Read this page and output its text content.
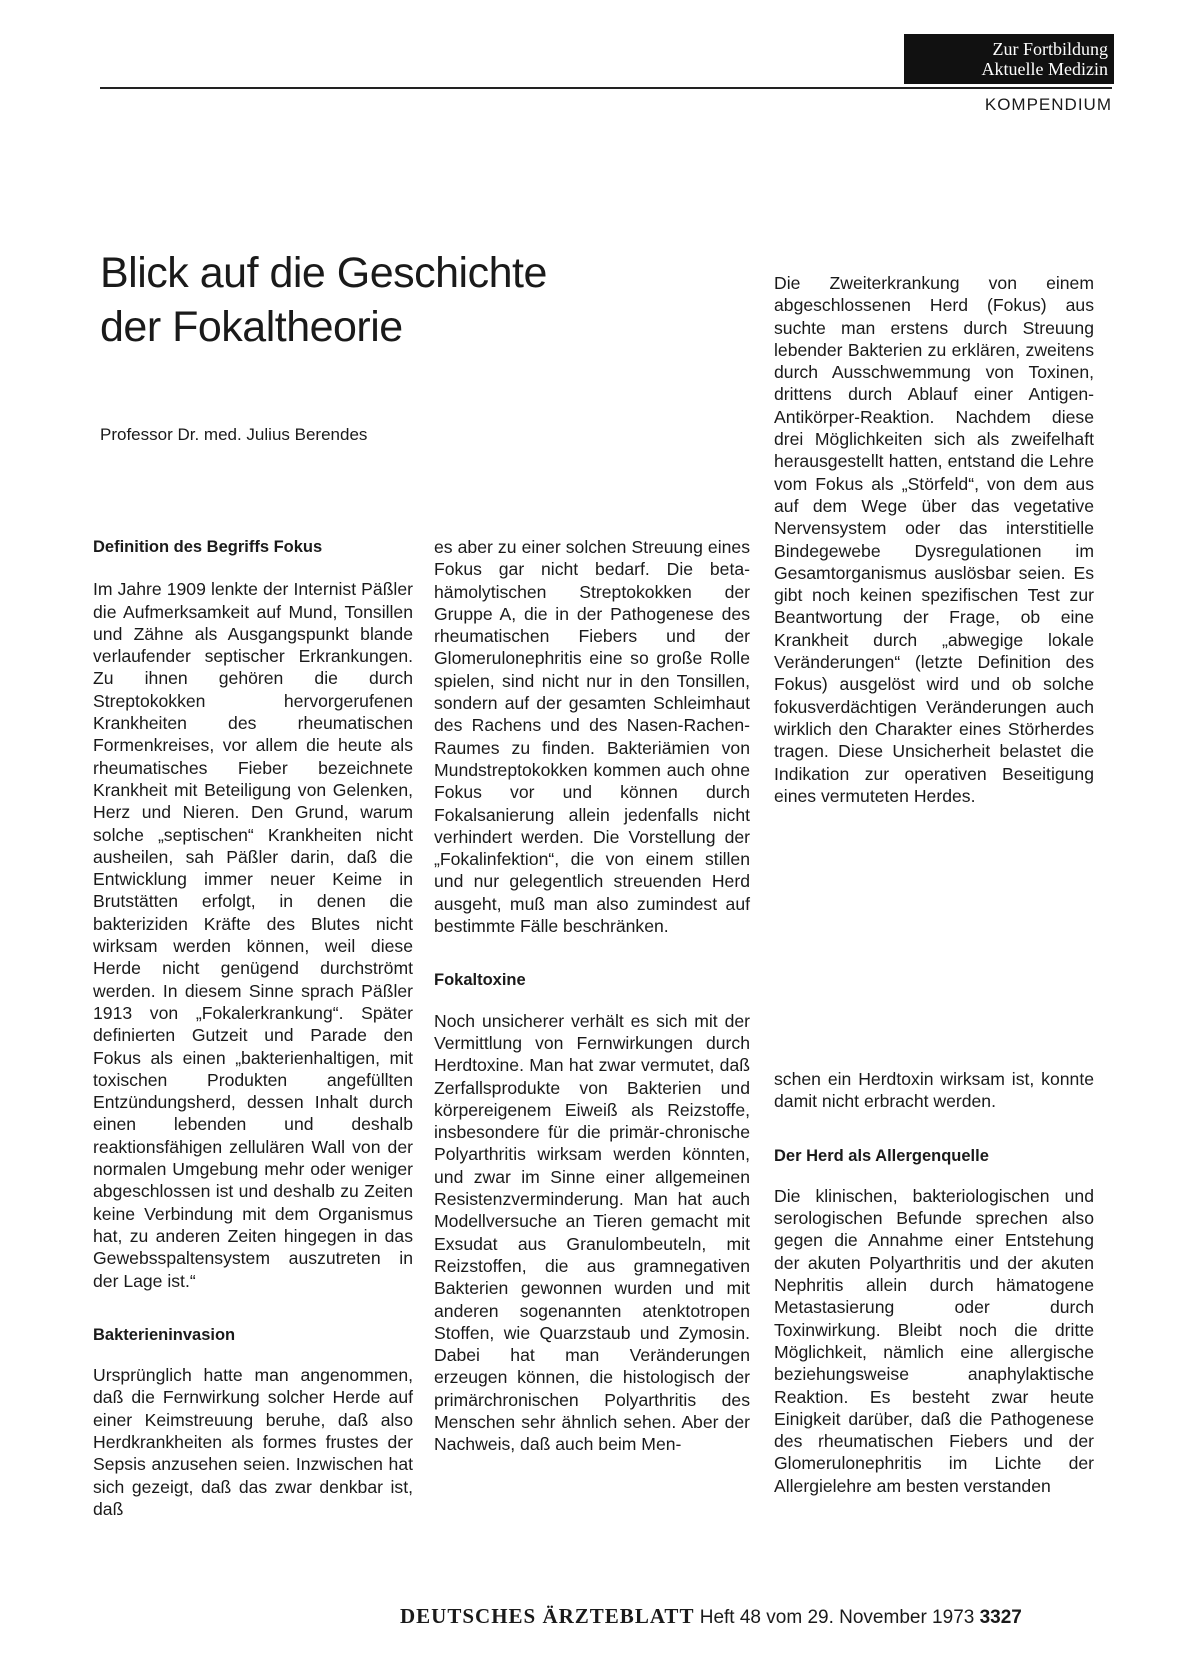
Zur Fortbildung
Aktuelle Medizin
KOMPENDIUM
Blick auf die Geschichte
der Fokaltheorie
Professor Dr. med. Julius Berendes
Definition des Begriffs Fokus

Im Jahre 1909 lenkte der Internist Päßler die Aufmerksamkeit auf Mund, Tonsillen und Zähne als Ausgangspunkt blande verlaufender septischer Erkrankungen. Zu ihnen gehören die durch Streptokokken hervorgerufenen Krankheiten des rheumatischen Formenkreises, vor allem die heute als rheumatisches Fieber bezeichnete Krankheit mit Beteiligung von Gelenken, Herz und Nieren. Den Grund, warum solche „septischen“ Krankheiten nicht ausheilen, sah Päßler darin, daß die Entwicklung immer neuer Keime in Brutstätten erfolgt, in denen die bakteriziden Kräfte des Blutes nicht wirksam werden können, weil diese Herde nicht genügend durchströmt werden. In diesem Sinne sprach Päßler 1913 von „Fokalerkrankung“. Später definierten Gutzeit und Parade den Fokus als einen „bakterienhaltigen, mit toxischen Produkten angefüllten Entzündungsherd, dessen Inhalt durch einen lebenden und deshalb reaktionsfähigen zellulären Wall von der normalen Umgebung mehr oder weniger abgeschlossen ist und deshalb zu Zeiten keine Verbindung mit dem Organismus hat, zu anderen Zeiten hingegen in das Gewebsspaltensystem auszutreten in der Lage ist.“

Bakterieninvasion

Ursprünglich hatte man angenommen, daß die Fernwirkung solcher Herde auf einer Keimstreuung beruhe, daß also Herdkrankheiten als formes frustes der Sepsis anzusehen seien. Inzwischen hat sich gezeigt, daß das zwar denkbar ist, daß

es aber zu einer solchen Streuung eines Fokus gar nicht bedarf. Die beta-hämolytischen Streptokokken der Gruppe A, die in der Pathogenese des rheumatischen Fiebers und der Glomerulonephritis eine so große Rolle spielen, sind nicht nur in den Tonsillen, sondern auf der gesamten Schleimhaut des Rachens und des Nasen-Rachen-Raumes zu finden. Bakteriämien von Mundstreptokokken kommen auch ohne Fokus vor und können durch Fokalsanierung allein jedenfalls nicht verhindert werden. Die Vorstellung der „Fokalinfektion“, die von einem stillen und nur gelegentlich streuenden Herd ausgeht, muß man also zumindest auf bestimmte Fälle beschränken.

Fokaltoxine

Noch unsicherer verhält es sich mit der Vermittlung von Fernwirkungen durch Herdtoxine. Man hat zwar vermutet, daß Zerfallsprodukte von Bakterien und körpereigenem Eiweiß als Reizstoffe, insbesondere für die primär-chronische Polyarthritis wirksam werden könnten, und zwar im Sinne einer allgemeinen Resistenzverminderung. Man hat auch Modellversuche an Tieren gemacht mit Exsudat aus Granulombeuteln, mit Reizstoffen, die aus gramnegativen Bakterien gewonnen wurden und mit anderen sogenannten atenktotropen Stoffen, wie Quarzstaub und Zymosin. Dabei hat man Veränderungen erzeugen können, die histologisch der primärchronischen Polyarthritis des Menschen sehr ähnlich sehen. Aber der Nachweis, daß auch beim Men-

Die Zweiterkrankung von einem abgeschlossenen Herd (Fokus) aus suchte man erstens durch Streuung lebender Bakterien zu erklären, zweitens durch Ausschwemmung von Toxinen, drittens durch Ablauf einer Antigen-Antikörper-Reaktion. Nachdem diese drei Möglichkeiten sich als zweifelhaft herausgestellt hatten, entstand die Lehre vom Fokus als „Störfeld“, von dem aus auf dem Wege über das vegetative Nervensystem oder das interstitielle Bindegewebe Dysregulationen im Gesamtorganismus auslösbar seien. Es gibt noch keinen spezifischen Test zur Beantwortung der Frage, ob eine Krankheit durch „abwegige lokale Veränderungen“ (letzte Definition des Fokus) ausgelöst wird und ob solche fokusverdächtigen Veränderungen auch wirklich den Charakter eines Störherdes tragen. Diese Unsicherheit belastet die Indikation zur operativen Beseitigung eines vermuteten Herdes.

schen ein Herdtoxin wirksam ist, konnte damit nicht erbracht werden.

Der Herd als Allergenquelle

Die klinischen, bakteriologischen und serologischen Befunde sprechen also gegen die Annahme einer Entstehung der akuten Polyarthritis und der akuten Nephritis allein durch hämatogene Metastasierung oder durch Toxinwirkung. Bleibt noch die dritte Möglichkeit, nämlich eine allergische beziehungsweise anaphylaktische Reaktion. Es besteht zwar heute Einigkeit darüber, daß die Pathogenese des rheumatischen Fiebers und der Glomerulonephritis im Lichte der Allergielehre am besten verstanden

DEUTSCHES ÄRZTEBLATT Heft 48 vom 29. November 1973 3327
